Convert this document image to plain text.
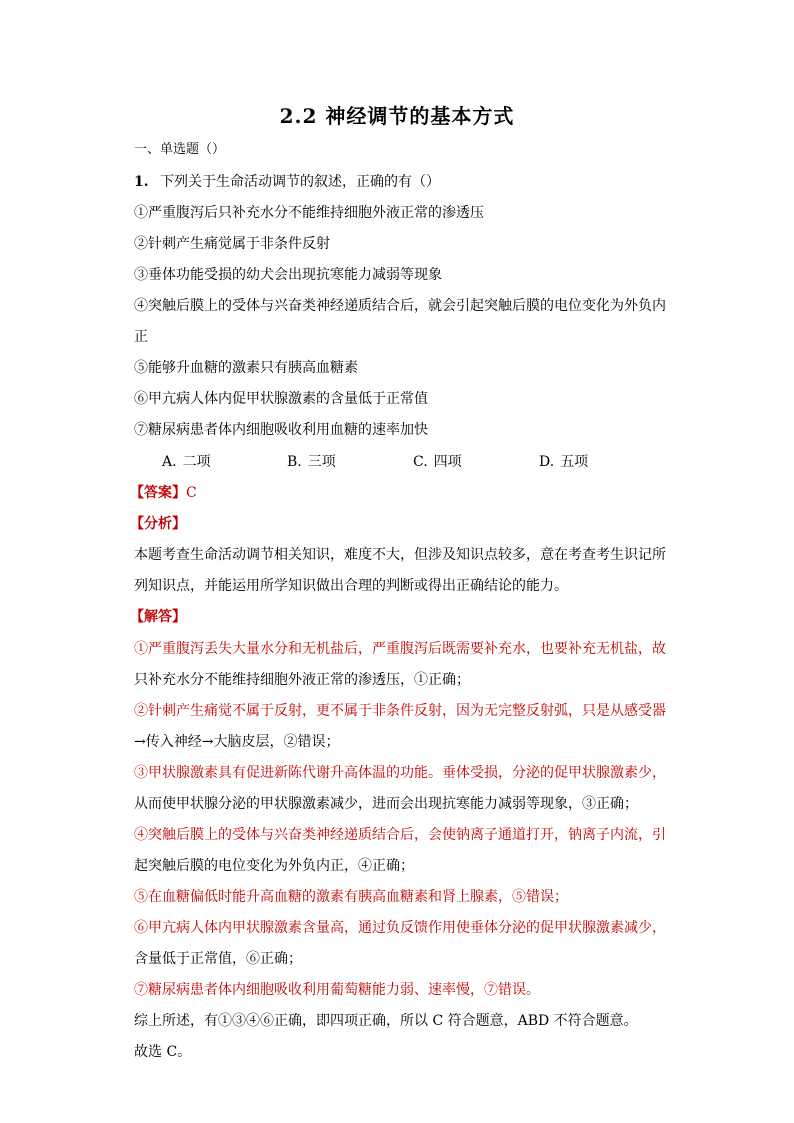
2.2 神经调节的基本方式
一、单选题（）
1. 下列关于生命活动调节的叙述，正确的有（）
①严重腹泻后只补充水分不能维持细胞外液正常的渗透压
②针刺产生痛觉属于非条件反射
③垂体功能受损的幼犬会出现抗寒能力减弱等现象
④突触后膜上的受体与兴奋类神经递质结合后，就会引起突触后膜的电位变化为外负内
正
⑤能够升血糖的激素只有胰高血糖素
⑥甲亢病人体内促甲状腺激素的含量低于正常值
⑦糖尿病患者体内细胞吸收利用血糖的速率加快
A. 二项	B. 三项	C. 四项	D. 五项
【答案】C
【分析】
本题考查生命活动调节相关知识，难度不大，但涉及知识点较多，意在考查考生识记所
列知识点，并能运用所学知识做出合理的判断或得出正确结论的能力。
【解答】
①严重腹泻丢失大量水分和无机盐后，严重腹泻后既需要补充水，也要补充无机盐，故
只补充水分不能维持细胞外液正常的渗透压，①正确；
②针刺产生痛觉不属于反射，更不属于非条件反射，因为无完整反射弧，只是从感受器
→传入神经→大脑皮层，②错误；
③甲状腺激素具有促进新陈代谢升高体温的功能。垂体受损，分泌的促甲状腺激素少，
从而使甲状腺分泌的甲状腺激素减少，进而会出现抗寒能力减弱等现象，③正确；
④突触后膜上的受体与兴奋类神经递质结合后，会使钠离子通道打开，钠离子内流，引
起突触后膜的电位变化为外负内正，④正确；
⑤在血糖偏低时能升高血糖的激素有胰高血糖素和肾上腺素，⑤错误；
⑥甲亢病人体内甲状腺激素含量高，通过负反馈作用使垂体分泌的促甲状腺激素减少，
含量低于正常值，⑥正确；
⑦糖尿病患者体内细胞吸收利用葡萄糖能力弱、速率慢，⑦错误。
综上所述，有①③④⑥正确，即四项正确，所以 C 符合题意，ABD 不符合题意。
故选 C。
